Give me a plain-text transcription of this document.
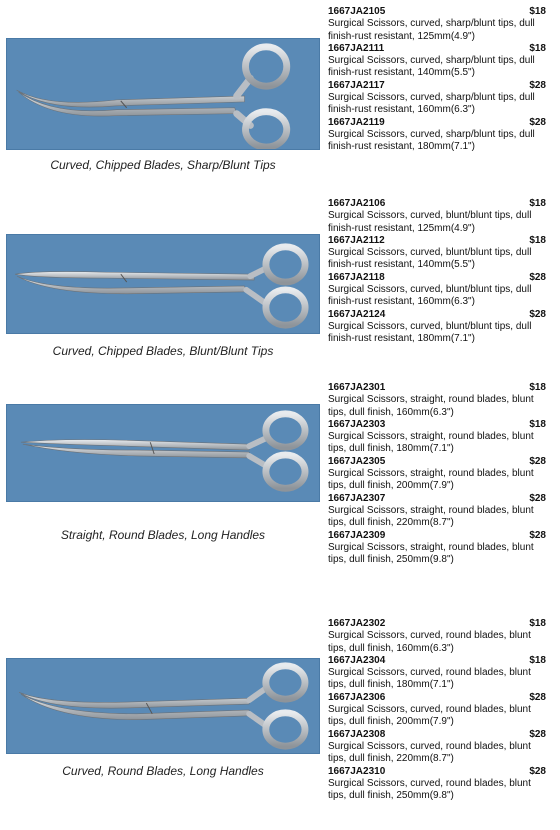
Curved, Chipped Blades, Sharp/Blunt Tips
1667JA2105	$18
Surgical Scissors, curved, sharp/blunt tips, dull finish-rust resistant, 125mm(4.9")
1667JA2111	$18
Surgical Scissors, curved, sharp/blunt tips, dull finish-rust resistant, 140mm(5.5")
1667JA2117	$28
Surgical Scissors, curved, sharp/blunt tips, dull finish-rust resistant, 160mm(6.3")
1667JA2119	$28
Surgical Scissors, curved, sharp/blunt tips, dull finish-rust resistant, 180mm(7.1")
Curved, Chipped Blades, Blunt/Blunt Tips
1667JA2106	$18
Surgical Scissors, curved, blunt/blunt tips, dull finish-rust resistant, 125mm(4.9")
1667JA2112	$18
Surgical Scissors, curved, blunt/blunt tips, dull finish-rust resistant, 140mm(5.5")
1667JA2118	$28
Surgical Scissors, curved, blunt/blunt tips, dull finish-rust resistant, 160mm(6.3")
1667JA2124	$28
Surgical Scissors, curved, blunt/blunt tips, dull finish-rust resistant, 180mm(7.1")
Straight, Round Blades, Long Handles
1667JA2301	$18
Surgical Scissors, straight, round blades, blunt tips, dull finish, 160mm(6.3")
1667JA2303	$18
Surgical Scissors, straight, round blades, blunt tips, dull finish, 180mm(7.1")
1667JA2305	$28
Surgical Scissors, straight, round blades, blunt tips, dull finish, 200mm(7.9")
1667JA2307	$28
Surgical Scissors, straight, round blades, blunt tips, dull finish, 220mm(8.7")
1667JA2309	$28
Surgical Scissors, straight, round blades, blunt tips, dull finish, 250mm(9.8")
Curved, Round Blades, Long Handles
1667JA2302	$18
Surgical Scissors, curved, round blades, blunt tips, dull finish, 160mm(6.3")
1667JA2304	$18
Surgical Scissors, curved, round blades, blunt tips, dull finish, 180mm(7.1")
1667JA2306	$28
Surgical Scissors, curved, round blades, blunt tips, dull finish, 200mm(7.9")
1667JA2308	$28
Surgical Scissors, curved, round blades, blunt tips, dull finish, 220mm(8.7")
1667JA2310	$28
Surgical Scissors, curved, round blades, blunt tips, dull finish, 250mm(9.8")
